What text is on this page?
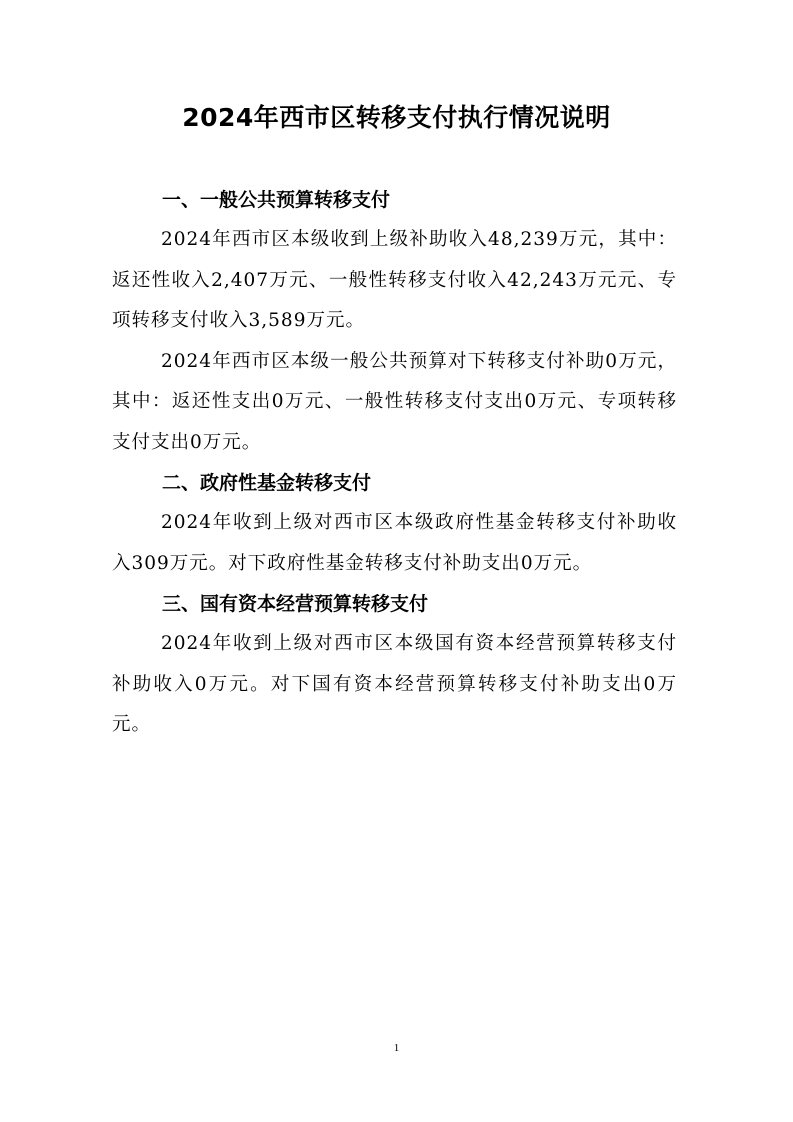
2024年西市区转移支付执行情况说明
一、一般公共预算转移支付

2024年西市区本级收到上级补助收入48,239万元，其中：返还性收入2,407万元、一般性转移支付收入42,243万元元、专项转移支付收入3,589万元。

2024年西市区本级一般公共预算对下转移支付补助0万元，其中：返还性支出0万元、一般性转移支付支出0万元、专项转移支付支出0万元。

二、政府性基金转移支付

2024年收到上级对西市区本级政府性基金转移支付补助收入309万元。对下政府性基金转移支付补助支出0万元。

三、国有资本经营预算转移支付

2024年收到上级对西市区本级国有资本经营预算转移支付补助收入0万元。对下国有资本经营预算转移支付补助支出0万元。

1
